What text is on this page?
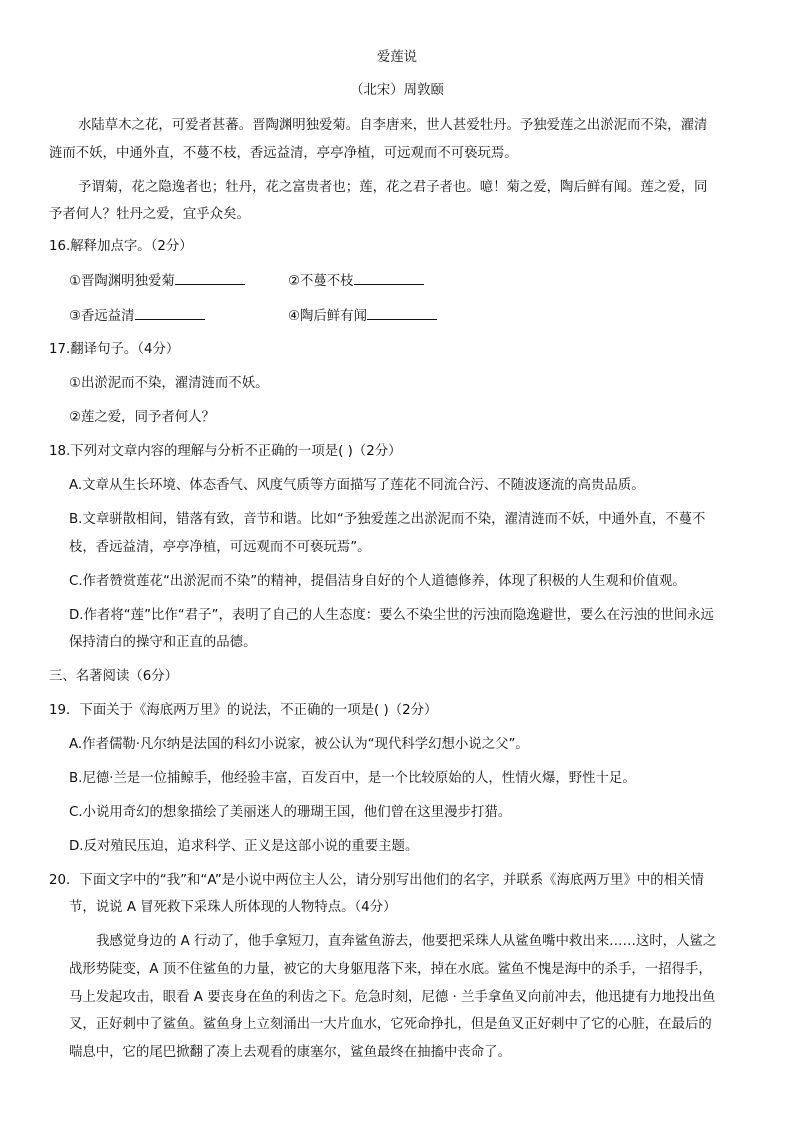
爱莲说
（北宋）周敦颐
水陆草木之花，可爱者甚蕃。晋陶渊明独爱菊。自李唐来，世人甚爱牡丹。予独爱莲之出淤泥而不染，濯清
涟而不妖，中通外直，不蔓不枝，香远益清，亭亭净植，可远观而不可亵玩焉。
予谓菊，花之隐逸者也；牡丹，花之富贵者也；莲，花之君子者也。噫！菊之爱，陶后鲜有闻。莲之爱，同
予者何人？牡丹之爱，宜乎众矣。
16.解释加点字。（2分）
①晋陶渊明独爱菊	②不蔓不枝
③香远益清	④陶后鲜有闻
17.翻译句子。（4分）
①出淤泥而不染，濯清涟而不妖。
②莲之爱，同予者何人？
18.下列对文章内容的理解与分析不正确的一项是( )（2分）
A.文章从生长环境、体态香气、风度气质等方面描写了莲花不同流合污、不随波逐流的高贵品质。
B.文章骈散相间，错落有致，音节和谐。比如“予独爱莲之出淤泥而不染，濯清涟而不妖，中通外直，不蔓不
枝，香远益清，亭亭净植，可远观而不可亵玩焉”。
C.作者赞赏莲花“出淤泥而不染”的精神，提倡洁身自好的个人道德修养，体现了积极的人生观和价值观。
D.作者将“莲”比作“君子”，表明了自己的人生态度：要么不染尘世的污浊而隐逸避世，要么在污浊的世间永远
保持清白的操守和正直的品德。
三、名著阅读（6分）
19．下面关于《海底两万里》的说法，不正确的一项是( )（2分）
A.作者儒勒·凡尔纳是法国的科幻小说家，被公认为“现代科学幻想小说之父”。
B.尼德·兰是一位捕鲸手，他经验丰富，百发百中，是一个比较原始的人，性情火爆，野性十足。
C.小说用奇幻的想象描绘了美丽迷人的珊瑚王国，他们曾在这里漫步打猎。
D.反对殖民压迫，追求科学、正义是这部小说的重要主题。
20．下面文字中的“我”和“A”是小说中两位主人公，请分别写出他们的名字，并联系《海底两万里》中的相关情
节，说说 A 冒死救下采珠人所体现的人物特点。（4分）
我感觉身边的 A 行动了，他手拿短刀，直奔鲨鱼游去，他要把采珠人从鲨鱼嘴中救出来……这时，人鲨之
战形势陡变，A 顶不住鲨鱼的力量，被它的大身躯甩落下来，掉在水底。鲨鱼不愧是海中的杀手，一招得手，
马上发起攻击，眼看 A 要丧身在鱼的利齿之下。危急时刻，尼德 · 兰手拿鱼叉向前冲去，他迅捷有力地投出鱼
叉，正好刺中了鲨鱼。鲨鱼身上立刻涌出一大片血水，它死命挣扎，但是鱼叉正好刺中了它的心脏，在最后的
喘息中，它的尾巴掀翻了凑上去观看的康塞尔，鲨鱼最终在抽搐中丧命了。
